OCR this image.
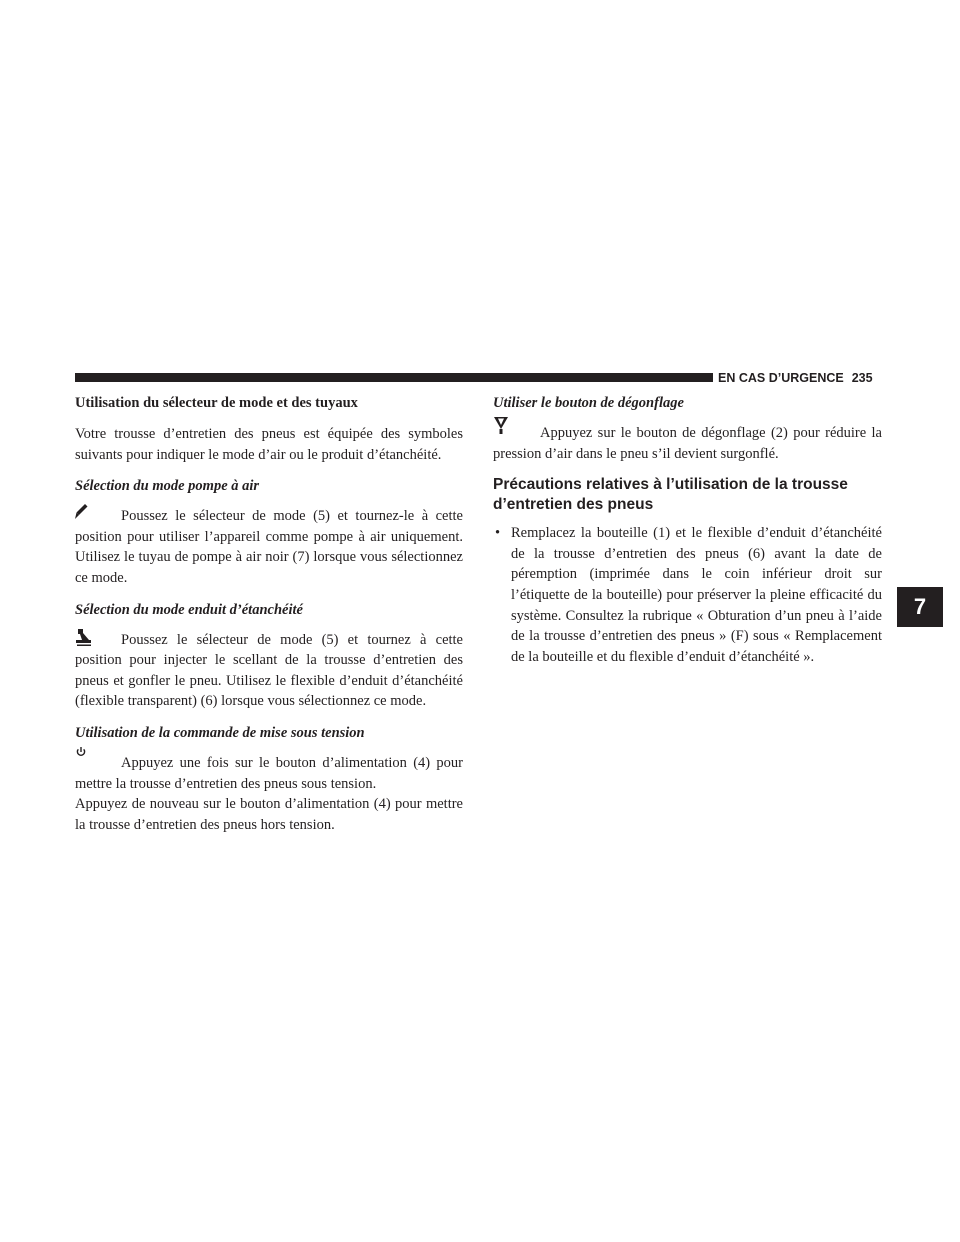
EN CAS D’URGENCE 235
7
Utilisation du sélecteur de mode et des tuyaux

Votre trousse d’entretien des pneus est équipée des symboles suivants pour indiquer le mode d’air ou le produit d’étanchéité.

Sélection du mode pompe à air

Poussez le sélecteur de mode (5) et tournez-le à cette position pour utiliser l’appareil comme pompe à air uniquement. Utilisez le tuyau de pompe à air noir (7) lorsque vous sélectionnez ce mode.

Sélection du mode enduit d’étanchéité

Poussez le sélecteur de mode (5) et tournez à cette position pour injecter le scellant de la trousse d’entretien des pneus et gonfler le pneu. Utilisez le flexible d’enduit d’étanchéité (flexible transparent) (6) lorsque vous sélectionnez ce mode.

Utilisation de la commande de mise sous tension

Appuyez une fois sur le bouton d’alimentation (4) pour mettre la trousse d’entretien des pneus sous tension.

Appuyez de nouveau sur le bouton d’alimentation (4) pour mettre la trousse d’entretien des pneus hors tension.

Utiliser le bouton de dégonflage

Appuyez sur le bouton de dégonflage (2) pour réduire la pression d’air dans le pneu s’il devient surgonflé.

Précautions relatives à l’utilisation de la trousse d’entretien des pneus
• Remplacez la bouteille (1) et le flexible d’enduit d’étanchéité de la trousse d’entretien des pneus (6) avant la date de péremption (imprimée dans le coin inférieur droit sur l’étiquette de la bouteille) pour préserver la pleine efficacité du système. Consultez la rubrique « Obturation d’un pneu à l’aide de la trousse d’entretien des pneus » (F) sous « Remplacement de la bouteille et du flexible d’enduit d’étanchéité ».
